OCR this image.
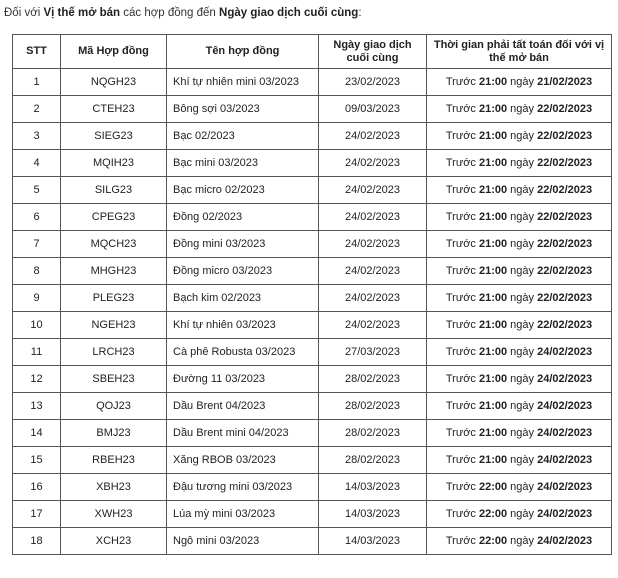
Đối với Vị thế mở bán các hợp đồng đến Ngày giao dịch cuối cùng:
STT	Mã Hợp đồng	Tên hợp đồng	Ngày giao dịch cuối cùng	Thời gian phải tất toán đối với vị thế mở bán
1	NQGH23	Khí tự nhiên mini 03/2023	23/02/2023	Trước 21:00 ngày 21/02/2023
2	CTEH23	Bông sợi 03/2023	09/03/2023	Trước 21:00 ngày 22/02/2023
3	SIEG23	Bạc 02/2023	24/02/2023	Trước 21:00 ngày 22/02/2023
4	MQIH23	Bạc mini 03/2023	24/02/2023	Trước 21:00 ngày 22/02/2023
5	SILG23	Bạc micro 02/2023	24/02/2023	Trước 21:00 ngày 22/02/2023
6	CPEG23	Đồng 02/2023	24/02/2023	Trước 21:00 ngày 22/02/2023
7	MQCH23	Đồng mini 03/2023	24/02/2023	Trước 21:00 ngày 22/02/2023
8	MHGH23	Đồng micro 03/2023	24/02/2023	Trước 21:00 ngày 22/02/2023
9	PLEG23	Bạch kim 02/2023	24/02/2023	Trước 21:00 ngày 22/02/2023
10	NGEH23	Khí tự nhiên 03/2023	24/02/2023	Trước 21:00 ngày 22/02/2023
11	LRCH23	Cà phê Robusta 03/2023	27/03/2023	Trước 21:00 ngày 24/02/2023
12	SBEH23	Đường 11 03/2023	28/02/2023	Trước 21:00 ngày 24/02/2023
13	QOJ23	Dầu Brent 04/2023	28/02/2023	Trước 21:00 ngày 24/02/2023
14	BMJ23	Dầu Brent mini 04/2023	28/02/2023	Trước 21:00 ngày 24/02/2023
15	RBEH23	Xăng RBOB 03/2023	28/02/2023	Trước 21:00 ngày 24/02/2023
16	XBH23	Đậu tương mini 03/2023	14/03/2023	Trước 22:00 ngày 24/02/2023
17	XWH23	Lúa mỳ mini 03/2023	14/03/2023	Trước 22:00 ngày 24/02/2023
18	XCH23	Ngô mini 03/2023	14/03/2023	Trước 22:00 ngày 24/02/2023
